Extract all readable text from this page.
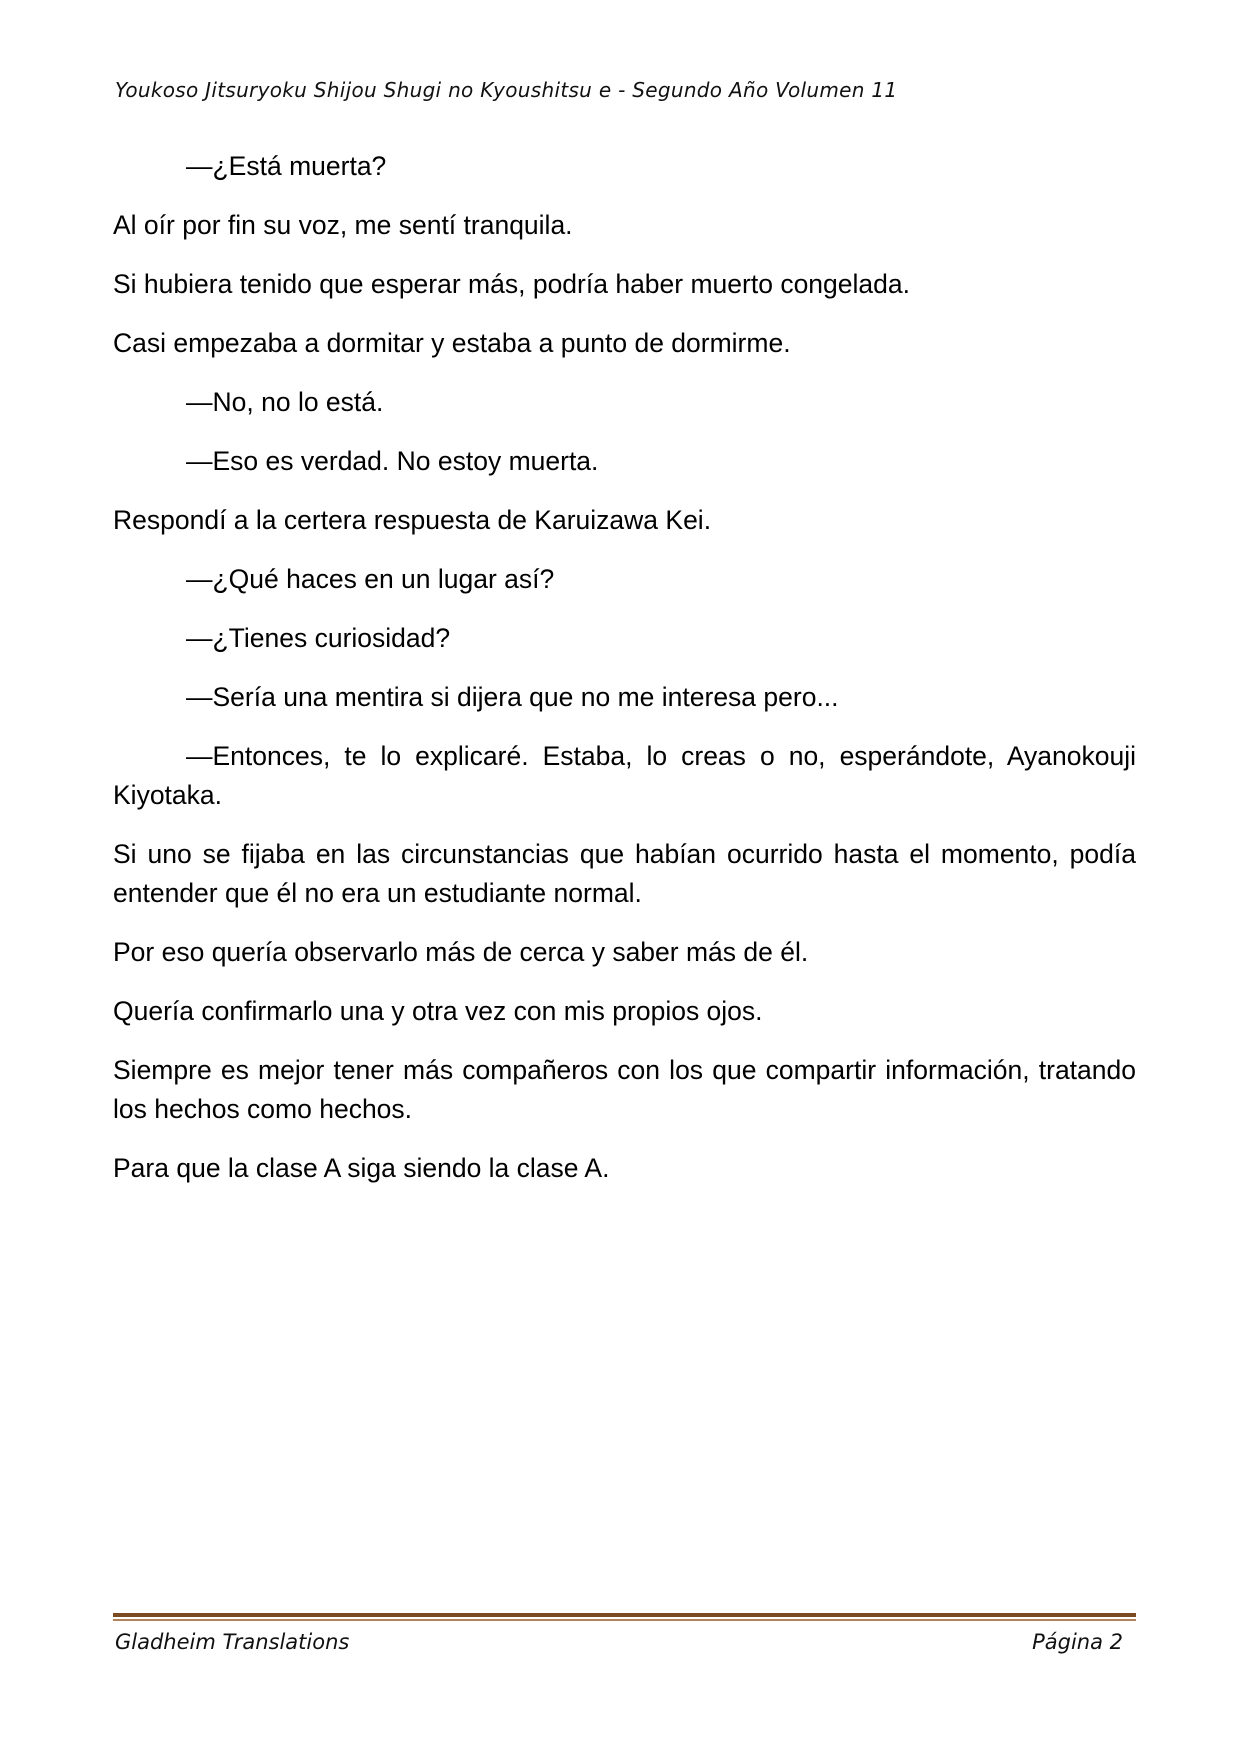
Youkoso Jitsuryoku Shijou Shugi no Kyoushitsu e - Segundo Año Volumen 11

—¿Está muerta?

Al oír por fin su voz, me sentí tranquila.

Si hubiera tenido que esperar más, podría haber muerto congelada.

Casi empezaba a dormitar y estaba a punto de dormirme.

—No, no lo está.

—Eso es verdad. No estoy muerta.

Respondí a la certera respuesta de Karuizawa Kei.

—¿Qué haces en un lugar así?

—¿Tienes curiosidad?

—Sería una mentira si dijera que no me interesa pero...

—Entonces, te lo explicaré. Estaba, lo creas o no, esperándote, Ayanokouji Kiyotaka.

Si uno se fijaba en las circunstancias que habían ocurrido hasta el momento, podía entender que él no era un estudiante normal.

Por eso quería observarlo más de cerca y saber más de él.

Quería confirmarlo una y otra vez con mis propios ojos.

Siempre es mejor tener más compañeros con los que compartir información, tratando los hechos como hechos.

Para que la clase A siga siendo la clase A.

Gladheim Translations	Página 2
